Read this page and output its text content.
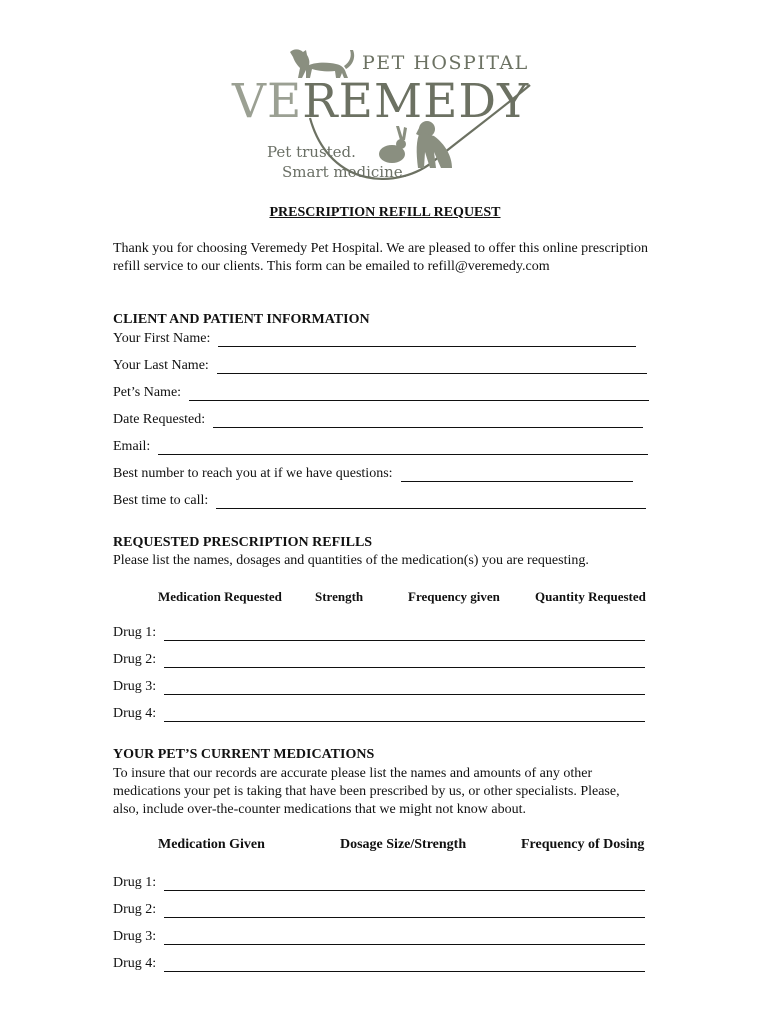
PET HOSPITAL
VEREMEDY
Pet trusted.
Smart medicine.
PRESCRIPTION REFILL REQUEST
Thank you for choosing Veremedy Pet Hospital. We are pleased to offer this online prescription refill service to our clients. This form can be emailed to refill@veremedy.com
CLIENT AND PATIENT INFORMATION
Your First Name:
Your Last Name:
Pet’s Name:
Date Requested:
Email:
Best number to reach you at if we have questions:
Best time to call:
REQUESTED PRESCRIPTION REFILLS
Please list the names, dosages and quantities of the medication(s) you are requesting.
Medication Requested	Strength	Frequency given	Quantity Requested
Drug 1:
Drug 2:
Drug 3:
Drug 4:
YOUR PET’S CURRENT MEDICATIONS
To insure that our records are accurate please list the names and amounts of any other medications your pet is taking that have been prescribed by us, or other specialists. Please, also, include over-the-counter medications that we might not know about.
Medication Given	Dosage Size/Strength	Frequency of Dosing
Drug 1:
Drug 2:
Drug 3:
Drug 4:
